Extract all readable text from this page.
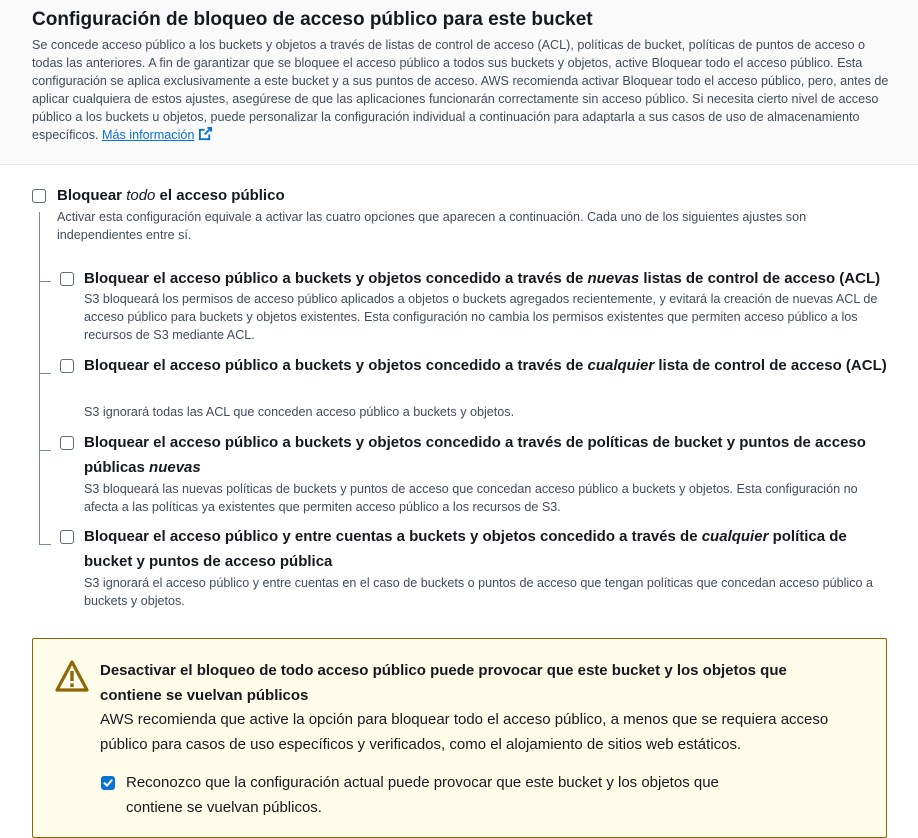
Configuración de bloqueo de acceso público para este bucket

Se concede acceso público a los buckets y objetos a través de listas de control de acceso (ACL), políticas de bucket, políticas de puntos de acceso o todas las anteriores. A fin de garantizar que se bloquee el acceso público a todos sus buckets y objetos, active Bloquear todo el acceso público. Esta configuración se aplica exclusivamente a este bucket y a sus puntos de acceso. AWS recomienda activar Bloquear todo el acceso público, pero, antes de aplicar cualquiera de estos ajustes, asegúrese de que las aplicaciones funcionarán correctamente sin acceso público. Si necesita cierto nivel de acceso público a los buckets u objetos, puede personalizar la configuración individual a continuación para adaptarla a sus casos de uso de almacenamiento específicos. Más información

Bloquear todo el acceso público
Activar esta configuración equivale a activar las cuatro opciones que aparecen a continuación. Cada uno de los siguientes ajustes son independientes entre sí.
Bloquear el acceso público a buckets y objetos concedido a través de nuevas listas de control de acceso (ACL)
S3 bloqueará los permisos de acceso público aplicados a objetos o buckets agregados recientemente, y evitará la creación de nuevas ACL de acceso público para buckets y objetos existentes. Esta configuración no cambia los permisos existentes que permiten acceso público a los recursos de S3 mediante ACL.
Bloquear el acceso público a buckets y objetos concedido a través de cualquier lista de control de acceso (ACL)
S3 ignorará todas las ACL que conceden acceso público a buckets y objetos.
Bloquear el acceso público a buckets y objetos concedido a través de políticas de bucket y puntos de acceso públicas nuevas
S3 bloqueará las nuevas políticas de buckets y puntos de acceso que concedan acceso público a buckets y objetos. Esta configuración no afecta a las políticas ya existentes que permiten acceso público a los recursos de S3.
Bloquear el acceso público y entre cuentas a buckets y objetos concedido a través de cualquier política de bucket y puntos de acceso pública
S3 ignorará el acceso público y entre cuentas en el caso de buckets o puntos de acceso que tengan políticas que concedan acceso público a buckets y objetos.
Desactivar el bloqueo de todo acceso público puede provocar que este bucket y los objetos que contiene se vuelvan públicos
AWS recomienda que active la opción para bloquear todo el acceso público, a menos que se requiera acceso público para casos de uso específicos y verificados, como el alojamiento de sitios web estáticos.
Reconozco que la configuración actual puede provocar que este bucket y los objetos que contiene se vuelvan públicos.
